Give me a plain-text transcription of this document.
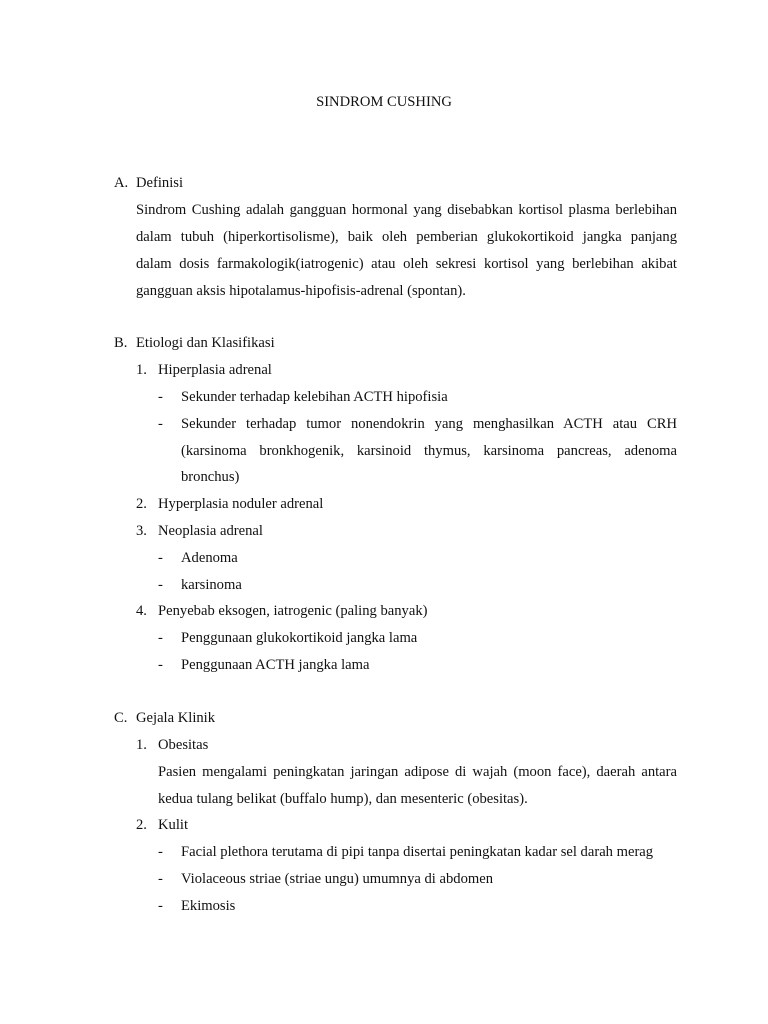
SINDROM CUSHING
A. Definisi
Sindrom Cushing adalah gangguan hormonal yang disebabkan kortisol plasma berlebihan
dalam tubuh (hiperkortisolisme), baik oleh pemberian glukokortikoid jangka panjang
dalam dosis farmakologik(iatrogenic) atau oleh sekresi kortisol yang berlebihan akibat
gangguan aksis hipotalamus-hipofisis-adrenal (spontan).
B. Etiologi dan Klasifikasi
1. Hiperplasia adrenal
- Sekunder terhadap kelebihan ACTH hipofisia
- Sekunder terhadap tumor nonendokrin yang menghasilkan ACTH atau CRH
(karsinoma bronkhogenik, karsinoid thymus, karsinoma pancreas, adenoma
bronchus)
2. Hyperplasia noduler adrenal
3. Neoplasia adrenal
- Adenoma
- karsinoma
4. Penyebab eksogen, iatrogenic (paling banyak)
- Penggunaan glukokortikoid jangka lama
- Penggunaan ACTH jangka lama
C. Gejala Klinik
1. Obesitas
Pasien mengalami peningkatan jaringan adipose di wajah (moon face), daerah antara
kedua tulang belikat (buffalo hump), dan mesenteric (obesitas).
2. Kulit
- Facial plethora terutama di pipi tanpa disertai peningkatan kadar sel darah merag
- Violaceous striae (striae ungu) umumnya di abdomen
- Ekimosis
